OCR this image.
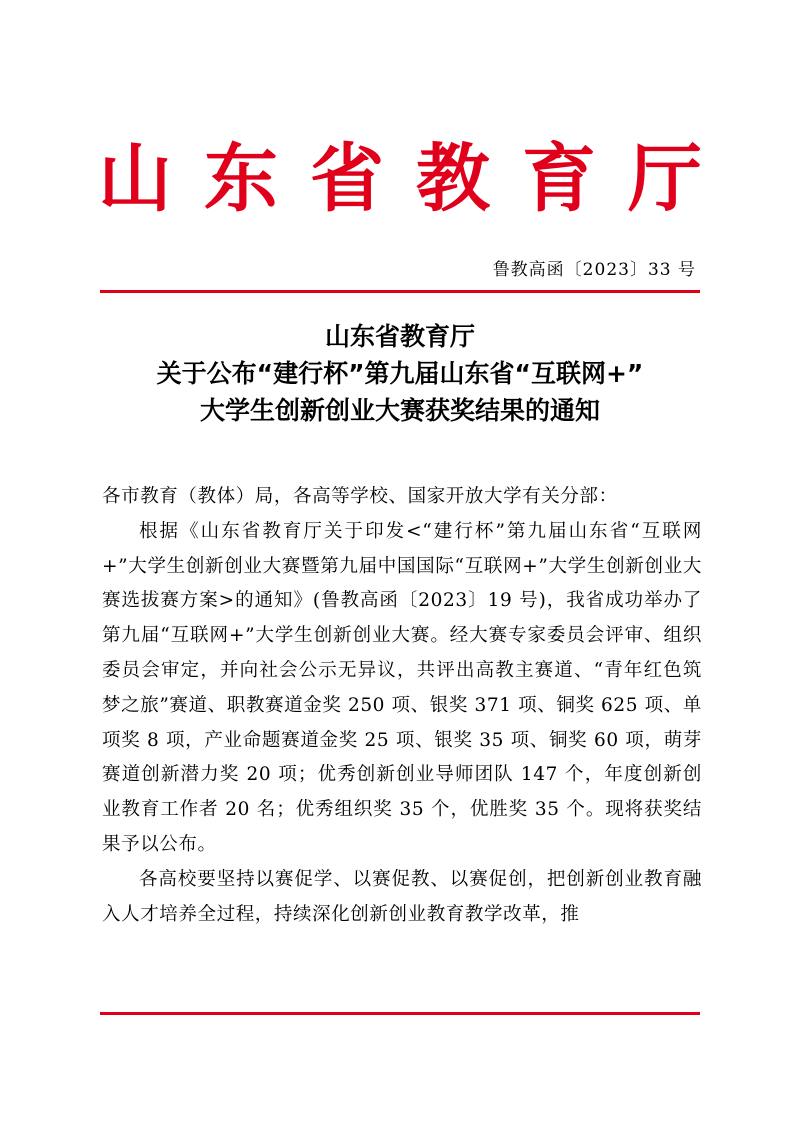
山 东 省 教 育 厅
鲁教高函〔2023〕33 号
山东省教育厅
关于公布“建行杯”第九届山东省“互联网+”
大学生创新创业大赛获奖结果的通知

各市教育（教体）局，各高等学校、国家开放大学有关分部：

根据《山东省教育厅关于印发<“建行杯”第九届山东省“互联网+”大学生创新创业大赛暨第九届中国国际“互联网+”大学生创新创业大赛选拔赛方案>的通知》(鲁教高函〔2023〕19 号)，我省成功举办了第九届“互联网+”大学生创新创业大赛。经大赛专家委员会评审、组织委员会审定，并向社会公示无异议，共评出高教主赛道、“青年红色筑梦之旅”赛道、职教赛道金奖 250 项、银奖 371 项、铜奖 625 项、单项奖 8 项，产业命题赛道金奖 25 项、银奖 35 项、铜奖 60 项，萌芽赛道创新潜力奖 20 项；优秀创新创业导师团队 147 个，年度创新创业教育工作者 20 名；优秀组织奖 35 个，优胜奖 35 个。现将获奖结果予以公布。

各高校要坚持以赛促学、以赛促教、以赛促创，把创新创业教育融入人才培养全过程，持续深化创新创业教育教学改革，推
